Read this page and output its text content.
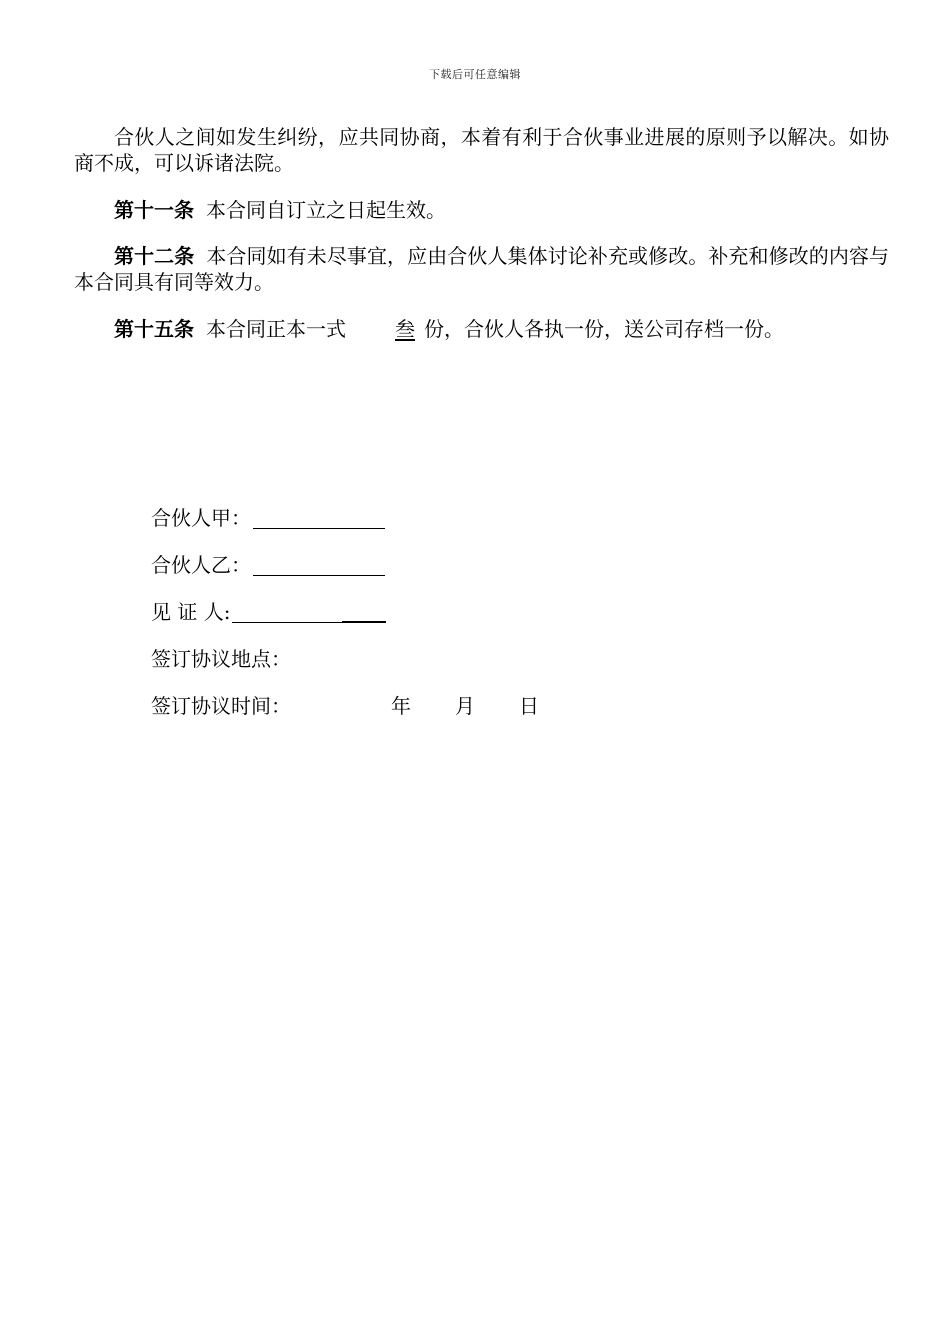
下载后可任意编辑

合伙人之间如发生纠纷，应共同协商，本着有利于合伙事业进展的原则予以解决。如协商不成，可以诉诸法院。

第十一条 本合同自订立之日起生效。

第十二条 本合同如有未尽事宜，应由合伙人集体讨论补充或修改。补充和修改的内容与本合同具有同等效力。

第十五条 本合同正本一式 叁 份，合伙人各执一份，送公司存档一份。

合伙人甲：
合伙人乙：
见 证 人:
签订协议地点：
签订协议时间：	年 月 日
